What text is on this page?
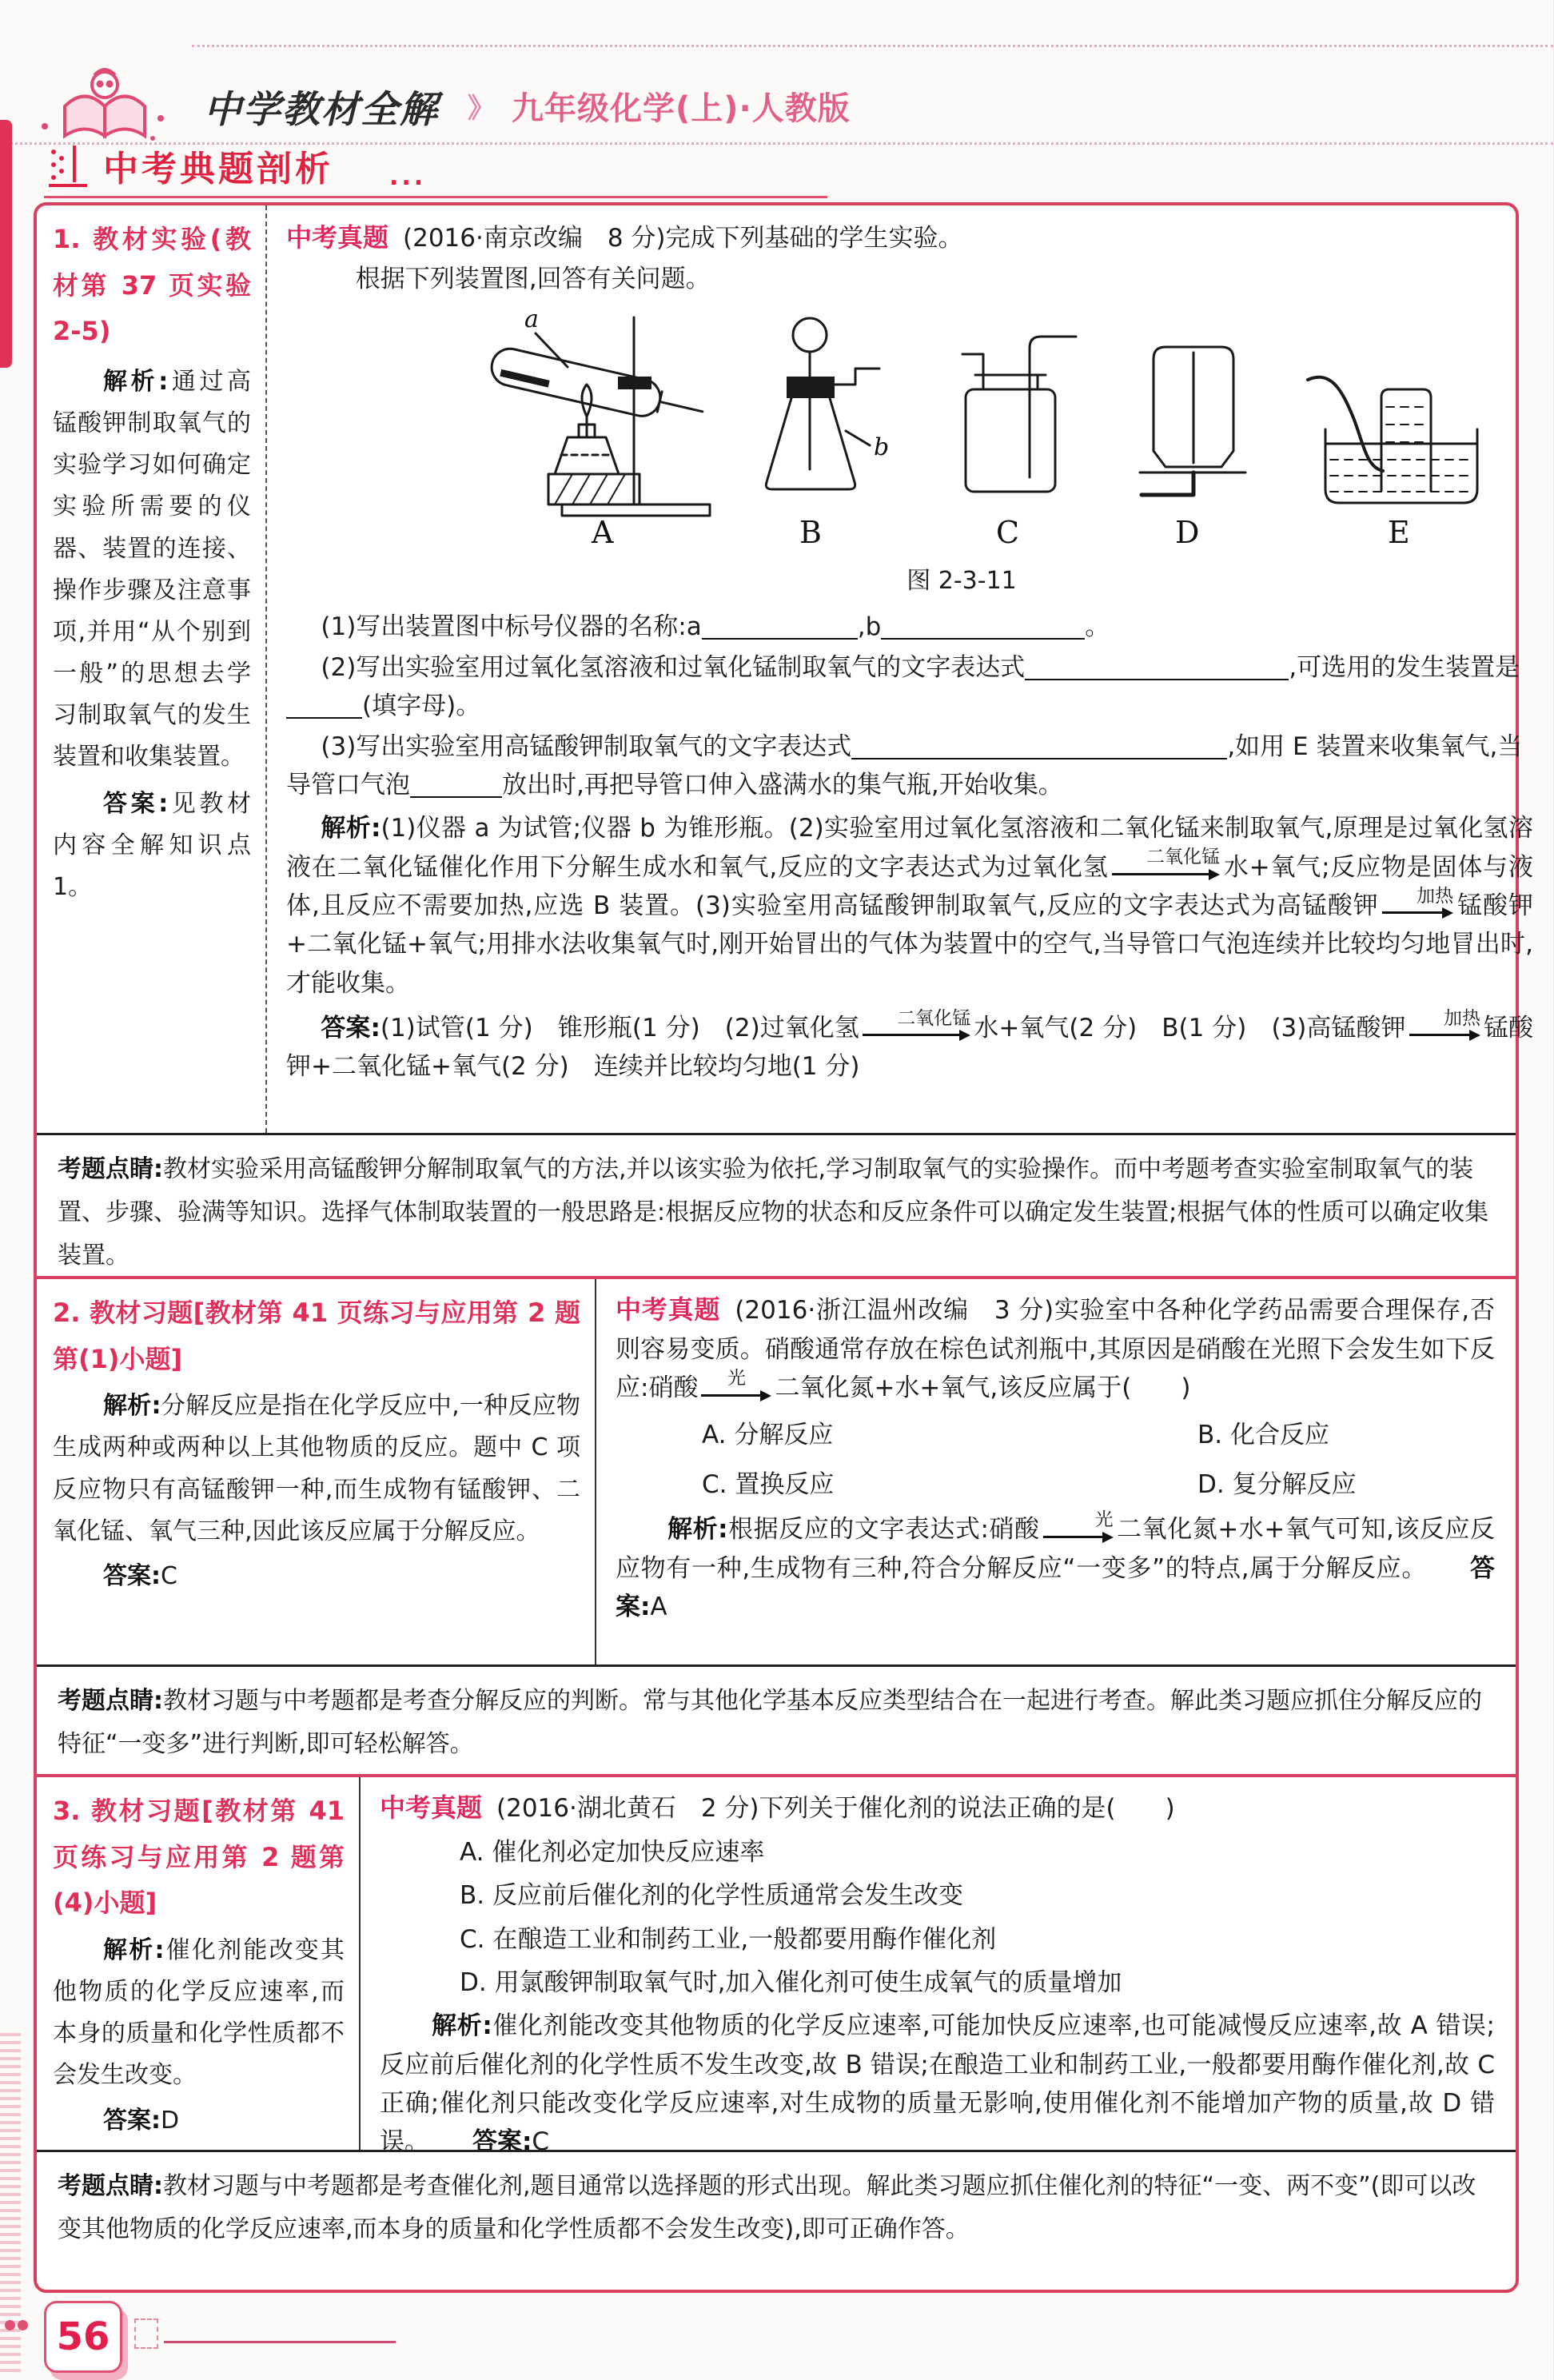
中学教材全解 》 九年级化学(上)·人教版
中考典题剖析 ...
1. 教材实验(教材第 37 页实验 2-5)

解析:通过高锰酸钾制取氧气的实验学习如何确定实验所需要的仪器、装置的连接、操作步骤及注意事项,并用“从个别到一般”的思想去学习制取氧气的发生装置和收集装置。

答案:见教材内容全解知识点 1。

中考真题 (2016·南京改编　8 分)完成下列基础的学生实验。

根据下列装置图,回答有关问题。

a
A
b
B	C	D	E
图 2-3-11

(1)写出装置图中标号仪器的名称:a	,b	。

(2)写出实验室用过氧化氢溶液和过氧化锰制取氧气的文字表达式	,可选用的发生装置是(填字母)。

(3)写出实验室用高锰酸钾制取氧气的文字表达式	,如用 E 装置来收集氧气,当导管口气泡	放出时,再把导管口伸入盛满水的集气瓶,开始收集。

解析:(1)仪器 a 为试管;仪器 b 为锥形瓶。(2)实验室用过氧化氢溶液和二氧化锰来制取氧气,原理是过氧化氢溶液在二氧化锰催化作用下分解生成水和氧气,反应的文字表达式为过氧化氢	二氧化锰 水+氧气;反应物是固体与液体,且反应不需要加热,应选 B 装置。(3)实验室用高锰酸钾制取氧气,反应的文字表达式为高锰酸钾	加热 锰酸钾+二氧化锰+氧气;用排水法收集氧气时,刚开始冒出的气体为装置中的空气,当导管口气泡连续并比较均匀地冒出时,才能收集。

答案:(1)试管(1 分)　锥形瓶(1 分)　(2)过氧化氢	二氧化锰 水+氧气(2 分)　B(1 分)　(3)高锰酸钾	加热 锰酸钾+二氧化锰+氧气(2 分)　连续并比较均匀地(1 分)

考题点睛:教材实验采用高锰酸钾分解制取氧气的方法,并以该实验为依托,学习制取氧气的实验操作。而中考题考查实验室制取氧气的装置、步骤、验满等知识。选择气体制取装置的一般思路是:根据反应物的状态和反应条件可以确定发生装置;根据气体的性质可以确定收集装置。
2. 教材习题[教材第 41 页练习与应用第 2 题第(1)小题]

解析:分解反应是指在化学反应中,一种反应物生成两种或两种以上其他物质的反应。题中 C 项反应物只有高锰酸钾一种,而生成物有锰酸钾、二氧化锰、氧气三种,因此该反应属于分解反应。

答案:C

中考真题 (2016·浙江温州改编　3 分)实验室中各种化学药品需要合理保存,否则容易变质。硝酸通常存放在棕色试剂瓶中,其原因是硝酸在光照下会发生如下反应:硝酸 光 二氧化氮+水+氧气,该反应属于(　　)

A. 分解反应	B. 化合反应
C. 置换反应	D. 复分解反应

解析:根据反应的文字表达式:硝酸	光 二氧化氮+水+氧气可知,该反应反应物有一种,生成物有三种,符合分解反应“一变多”的特点,属于分解反应。 答案:A

考题点睛:教材习题与中考题都是考查分解反应的判断。常与其他化学基本反应类型结合在一起进行考查。解此类习题应抓住分解反应的特征“一变多”进行判断,即可轻松解答。
3. 教材习题[教材第 41 页练习与应用第 2 题第(4)小题]

解析:催化剂能改变其他物质的化学反应速率,而本身的质量和化学性质都不会发生改变。

答案:D

中考真题 (2016·湖北黄石　2 分)下列关于催化剂的说法正确的是(　　)

A. 催化剂必定加快反应速率
B. 反应前后催化剂的化学性质通常会发生改变
C. 在酿造工业和制药工业,一般都要用酶作催化剂
D. 用氯酸钾制取氧气时,加入催化剂可使生成氧气的质量增加

解析:催化剂能改变其他物质的化学反应速率,可能加快反应速率,也可能减慢反应速率,故 A 错误;反应前后催化剂的化学性质不发生改变,故 B 错误;在酿造工业和制药工业,一般都要用酶作催化剂,故 C 正确;催化剂只能改变化学反应速率,对生成物的质量无影响,使用催化剂不能增加产物的质量,故 D 错误。 答案:C

考题点睛:教材习题与中考题都是考查催化剂,题目通常以选择题的形式出现。解此类习题应抓住催化剂的特征“一变、两不变”(即可以改变其他物质的化学反应速率,而本身的质量和化学性质都不会发生改变),即可正确作答。
56
